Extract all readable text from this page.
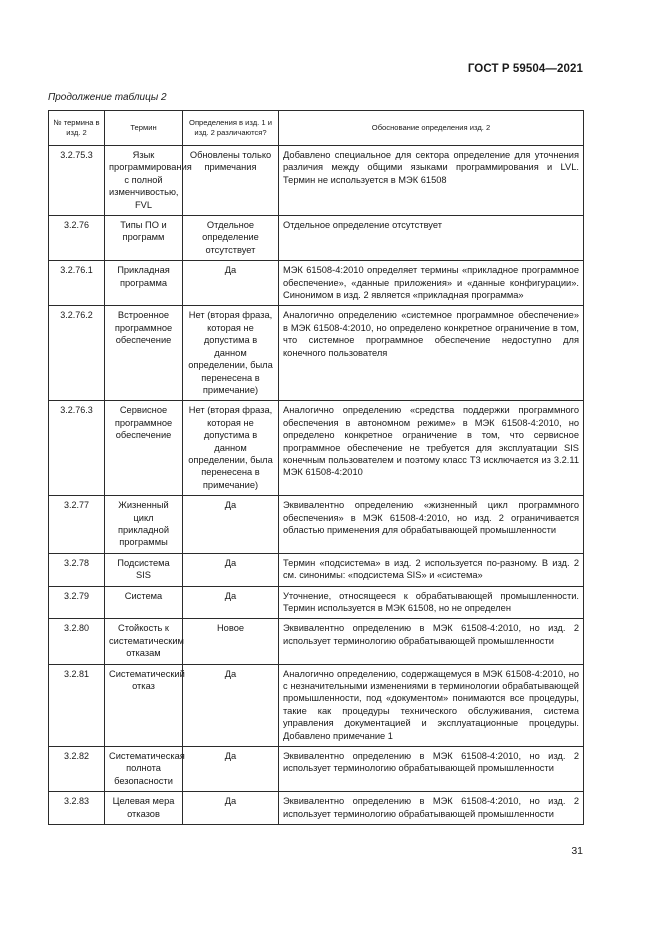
ГОСТ Р 59504—2021
Продолжение таблицы 2
№ термина в изд. 2	Термин	Определения в изд. 1 и изд. 2 различаются?	Обоснование определения изд. 2
3.2.75.3	Язык программирования с полной изменчивостью, FVL	Обновлены только примечания	Добавлено специальное для сектора определение для уточнения различия между общими языками программирования и LVL. Термин не используется в МЭК 61508
3.2.76	Типы ПО и программ	Отдельное определение отсутствует	Отдельное определение отсутствует
3.2.76.1	Прикладная программа	Да	МЭК 61508-4:2010 определяет термины «прикладное программное обеспечение», «данные приложения» и «данные конфигурации». Синонимом в изд. 2 является «прикладная программа»
3.2.76.2	Встроенное программное обеспечение	Нет (вторая фраза, которая не допустима в данном определении, была перенесена в примечание)	Аналогично определению «системное программное обеспечение» в МЭК 61508-4:2010, но определено конкретное ограничение в том, что системное программное обеспечение недоступно для конечного пользователя
3.2.76.3	Сервисное программное обеспечение	Нет (вторая фраза, которая не допустима в данном определении, была перенесена в примечание)	Аналогично определению «средства поддержки программного обеспечения в автономном режиме» в МЭК 61508-4:2010, но определено конкретное ограничение в том, что сервисное программное обеспечение не требуется для эксплуатации SIS конечным пользователем и поэтому класс Т3 исключается из 3.2.11 МЭК 61508-4:2010
3.2.77	Жизненный цикл прикладной программы	Да	Эквивалентно определению «жизненный цикл программного обеспечения» в МЭК 61508-4:2010, но изд. 2 ограничивается областью применения для обрабатывающей промышленности
3.2.78	Подсистема SIS	Да	Термин «подсистема» в изд. 2 используется по-разному. В изд. 2 см. синонимы: «подсистема SIS» и «система»
3.2.79	Система	Да	Уточнение, относящееся к обрабатывающей промышленности. Термин используется в МЭК 61508, но не определен
3.2.80	Стойкость к систематическим отказам	Новое	Эквивалентно определению в МЭК 61508-4:2010, но изд. 2 использует терминологию обрабатывающей промышленности
3.2.81	Систематический отказ	Да	Аналогично определению, содержащемуся в МЭК 61508-4:2010, но с незначительными изменениями в терминологии обрабатывающей промышленности, под «документом» понимаются все процедуры, такие как процедуры технического обслуживания, система управления документацией и эксплуатационные процедуры. Добавлено примечание 1
3.2.82	Систематическая полнота безопасности	Да	Эквивалентно определению в МЭК 61508-4:2010, но изд. 2 использует терминологию обрабатывающей промышленности
3.2.83	Целевая мера отказов	Да	Эквивалентно определению в МЭК 61508-4:2010, но изд. 2 использует терминологию обрабатывающей промышленности
31
